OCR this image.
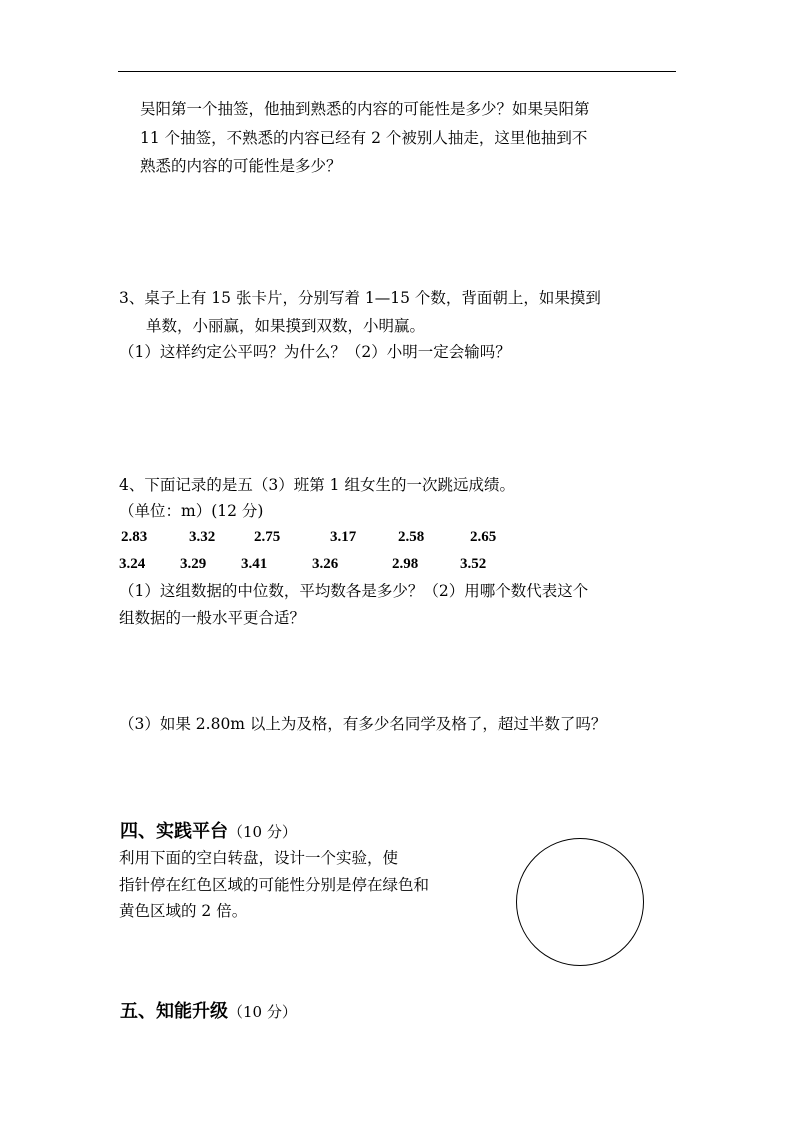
吴阳第一个抽签，他抽到熟悉的内容的可能性是多少？如果吴阳第
11 个抽签，不熟悉的内容已经有 2 个被别人抽走，这里他抽到不
熟悉的内容的可能性是多少？
3、桌子上有 15 张卡片，分别写着 1—15 个数，背面朝上，如果摸到
单数，小丽赢，如果摸到双数，小明赢。
（1）这样约定公平吗？为什么？（2）小明一定会输吗？
4、下面记录的是五（3）班第 1 组女生的一次跳远成绩。
（单位：m）(12 分)
2.83	3.32	2.75	3.17	2.58	2.65
3.24 3.29 3.41	3.26	2.98	3.52
（1）这组数据的中位数，平均数各是多少？（2）用哪个数代表这个
组数据的一般水平更合适？
（3）如果 2.80m 以上为及格，有多少名同学及格了，超过半数了吗？
四、实践平台（10 分）
利用下面的空白转盘，设计一个实验，使
指针停在红色区域的可能性分别是停在绿色和
黄色区域的 2 倍。
五、知能升级（10 分）
